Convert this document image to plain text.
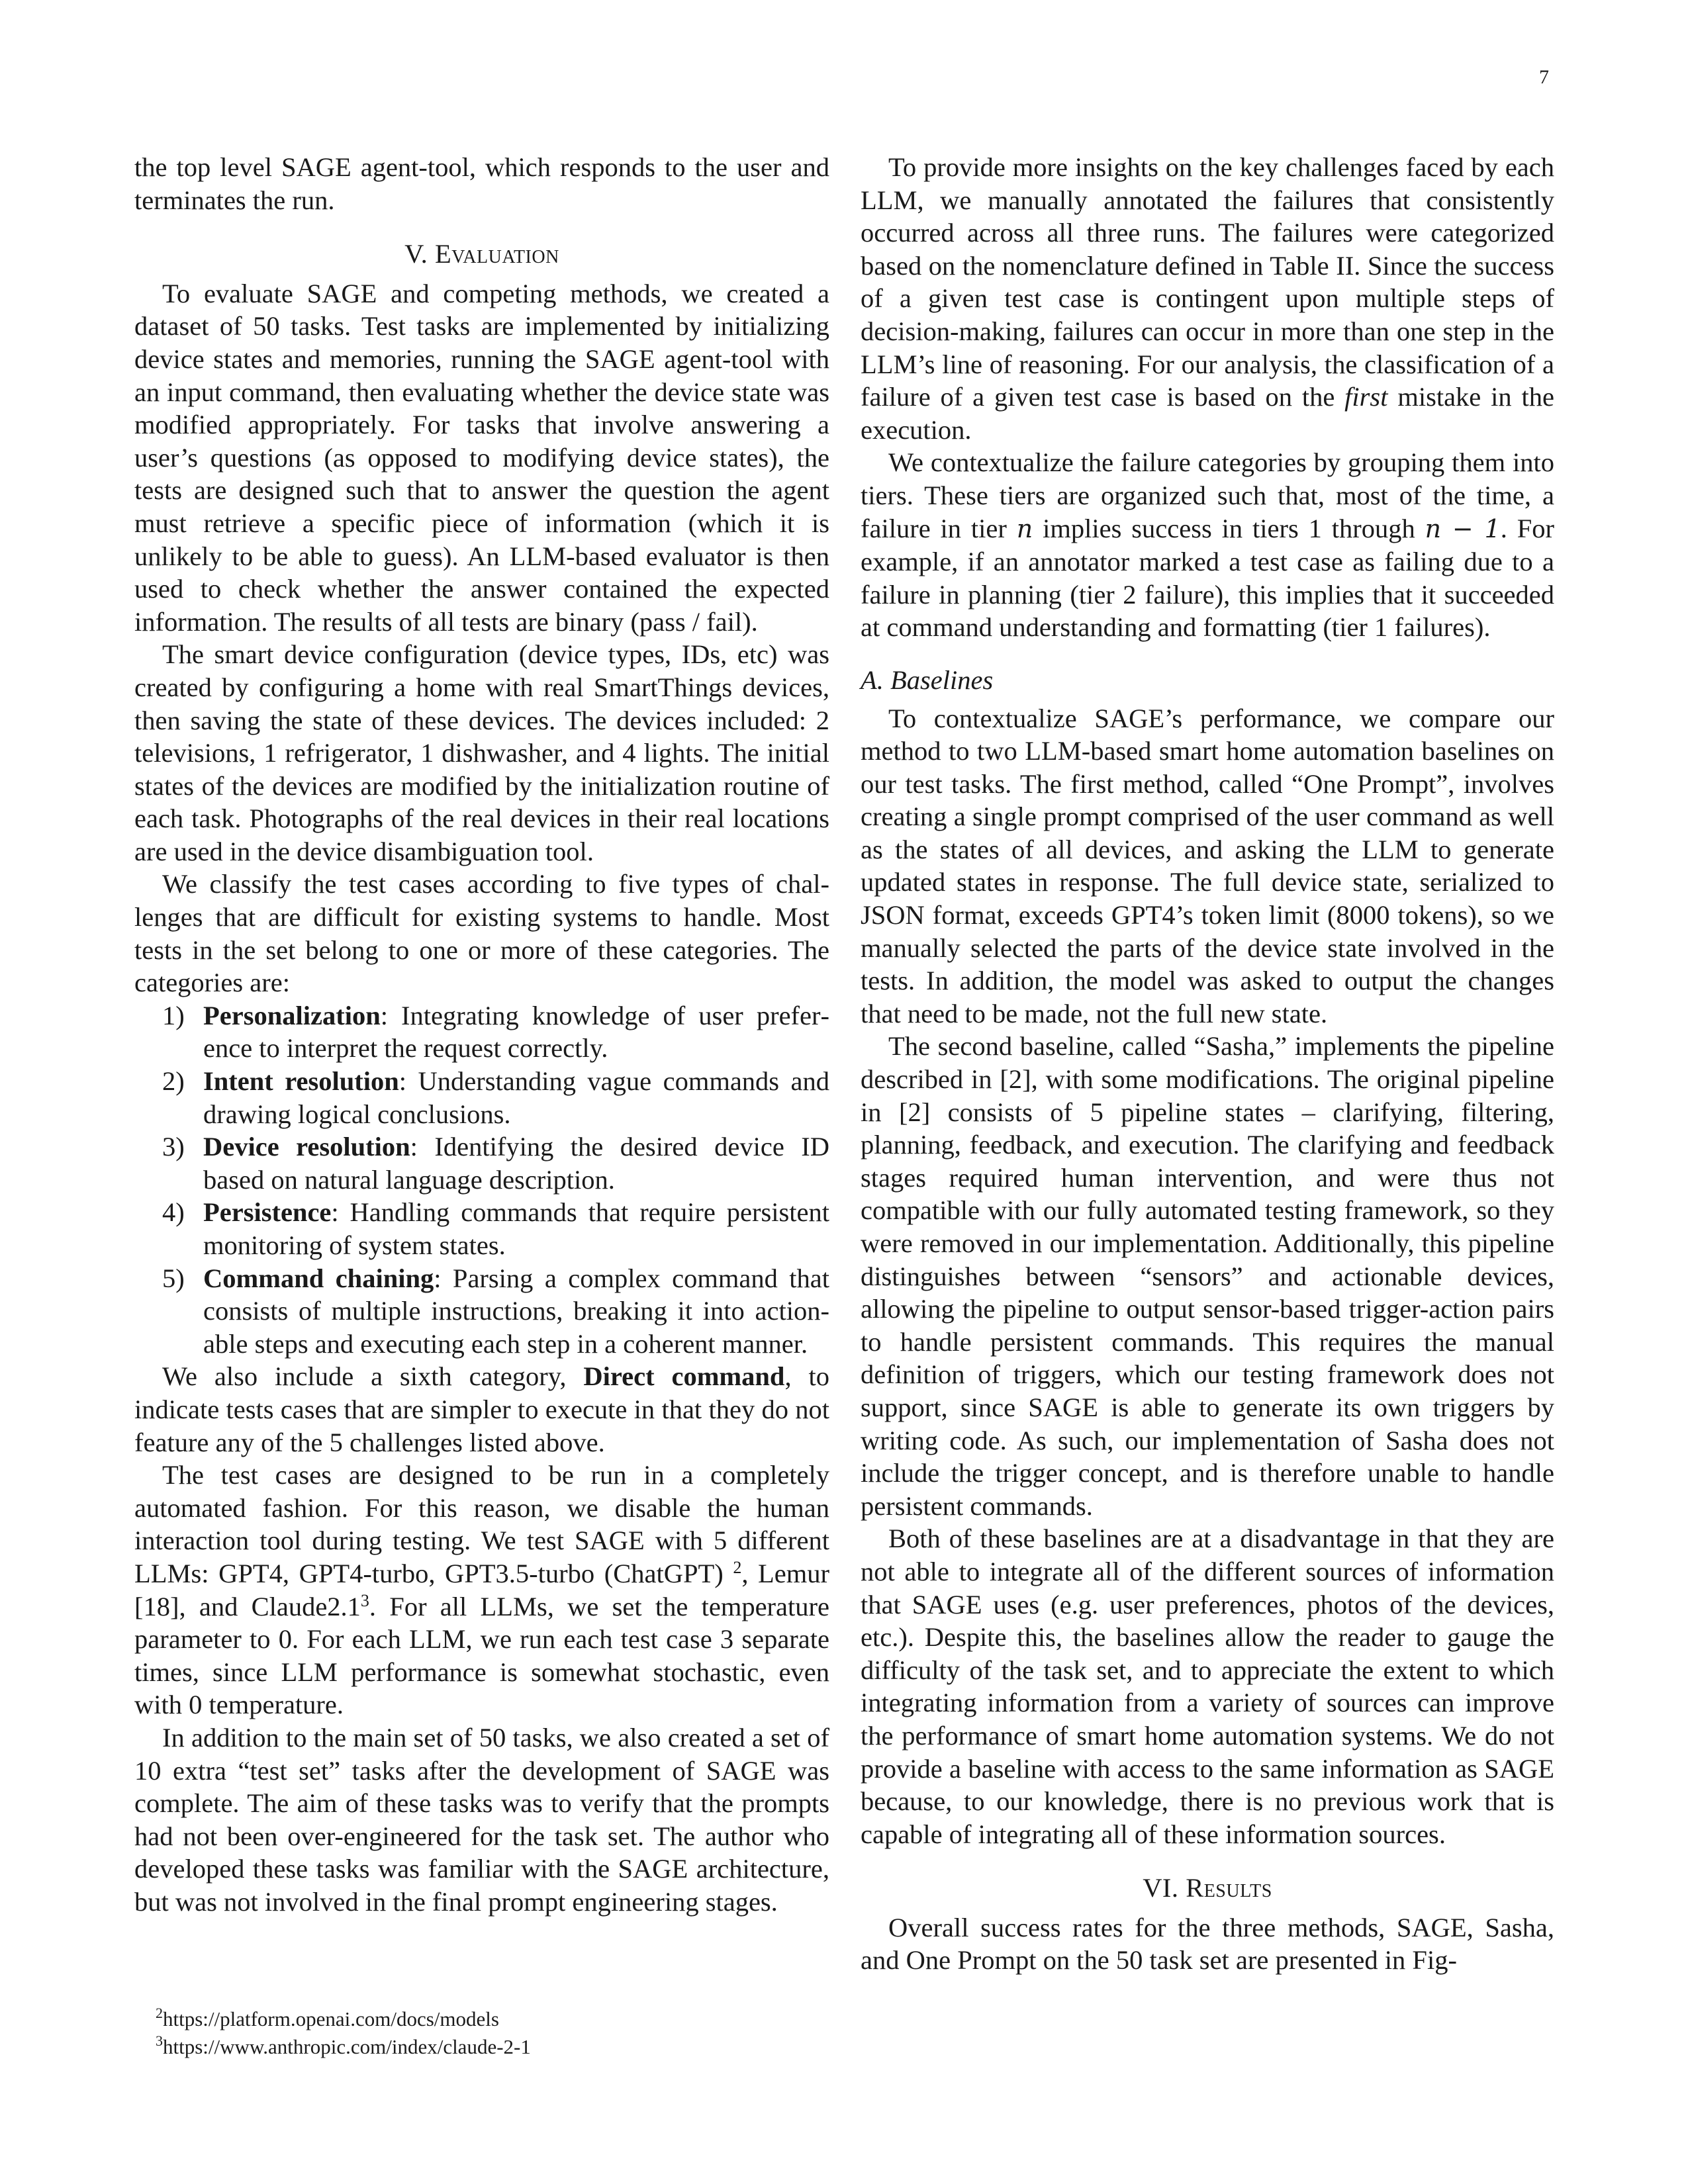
7

the top level SAGE agent-tool, which responds to the user and terminates the run.

V. Evaluation

To evaluate SAGE and competing methods, we created a dataset of 50 tasks. Test tasks are implemented by initializing device states and memories, running the SAGE agent-tool with an input command, then evaluating whether the device state was modified appropriately. For tasks that involve answering a user’s questions (as opposed to modifying device states), the tests are designed such that to answer the question the agent must retrieve a specific piece of information (which it is unlikely to be able to guess). An LLM-based evaluator is then used to check whether the answer contained the expected information. The results of all tests are binary (pass / fail).

The smart device configuration (device types, IDs, etc) was created by configuring a home with real SmartThings devices, then saving the state of these devices. The devices included: 2 televisions, 1 refrigerator, 1 dishwasher, and 4 lights. The initial states of the devices are modified by the initialization routine of each task. Photographs of the real devices in their real locations are used in the device disambiguation tool.

We classify the test cases according to five types of challenges that are difficult for existing systems to handle. Most tests in the set belong to one or more of these categories. The categories are:

1) Personalization: Integrating knowledge of user preference to interpret the request correctly.
2) Intent resolution: Understanding vague commands and drawing logical conclusions.
3) Device resolution: Identifying the desired device ID based on natural language description.
4) Persistence: Handling commands that require persistent monitoring of system states.
5) Command chaining: Parsing a complex command that consists of multiple instructions, breaking it into actionable steps and executing each step in a coherent manner.

We also include a sixth category, Direct command, to indicate tests cases that are simpler to execute in that they do not feature any of the 5 challenges listed above.

The test cases are designed to be run in a completely automated fashion. For this reason, we disable the human interaction tool during testing. We test SAGE with 5 different LLMs: GPT4, GPT4-turbo, GPT3.5-turbo (ChatGPT) $^2$, Lemur [18], and $Claude2.1^3$. For all LLMs, we set the temperature parameter to 0. For each LLM, we run each test case 3 separate times, since LLM performance is somewhat stochastic, even with 0 temperature.

In addition to the main set of 50 tasks, we also created a set of 10 extra “test set” tasks after the development of SAGE was complete. The aim of these tasks was to verify that the prompts had not been over-engineered for the task set. The author who developed these tasks was familiar with the SAGE architecture, but was not involved in the final prompt engineering stages.

$^2$https://platform.openai.com/docs/models
$^3$https://www.anthropic.com/index/claude-2-1

To provide more insights on the key challenges faced by each LLM, we manually annotated the failures that consistently occurred across all three runs. The failures were categorized based on the nomenclature defined in Table II. Since the success of a given test case is contingent upon multiple steps of decision-making, failures can occur in more than one step in the LLM’s line of reasoning. For our analysis, the classification of a failure of a given test case is based on the first mistake in the execution.

We contextualize the failure categories by grouping them into tiers. These tiers are organized such that, most of the time, a failure in tier n implies success in tiers 1 through n − 1. For example, if an annotator marked a test case as failing due to a failure in planning (tier 2 failure), this implies that it succeeded at command understanding and formatting (tier 1 failures).

A. Baselines

To contextualize SAGE’s performance, we compare our method to two LLM-based smart home automation baselines on our test tasks. The first method, called “One Prompt”, involves creating a single prompt comprised of the user command as well as the states of all devices, and asking the LLM to generate updated states in response. The full device state, serialized to JSON format, exceeds GPT4’s token limit (8000 tokens), so we manually selected the parts of the device state involved in the tests. In addition, the model was asked to output the changes that need to be made, not the full new state.

The second baseline, called “Sasha,” implements the pipeline described in [2], with some modifications. The original pipeline in [2] consists of 5 pipeline states – clarifying, filtering, planning, feedback, and execution. The clarifying and feedback stages required human intervention, and were thus not compatible with our fully automated testing framework, so they were removed in our implementation. Additionally, this pipeline distinguishes between “sensors” and actionable devices, allowing the pipeline to output sensor-based trigger-action pairs to handle persistent commands. This requires the manual definition of triggers, which our testing framework does not support, since SAGE is able to generate its own triggers by writing code. As such, our implementation of Sasha does not include the trigger concept, and is therefore unable to handle persistent commands.

Both of these baselines are at a disadvantage in that they are not able to integrate all of the different sources of information that SAGE uses (e.g. user preferences, photos of the devices, etc.). Despite this, the baselines allow the reader to gauge the difficulty of the task set, and to appreciate the extent to which integrating information from a variety of sources can improve the performance of smart home automation systems. We do not provide a baseline with access to the same information as SAGE because, to our knowledge, there is no previous work that is capable of integrating all of these information sources.

VI. Results

Overall success rates for the three methods, SAGE, Sasha, and One Prompt on the 50 task set are presented in Fig-
